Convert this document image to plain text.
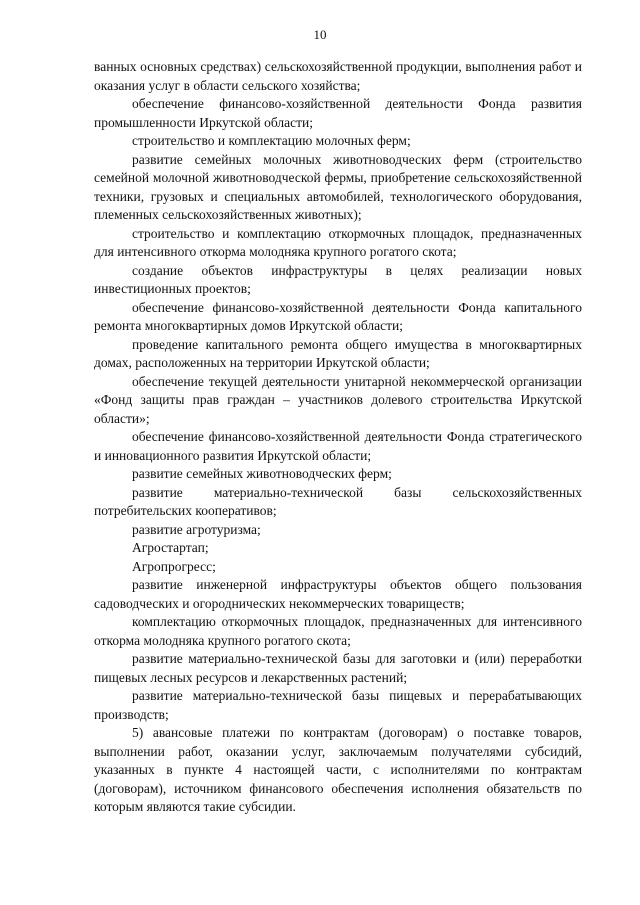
10

ванных основных средствах) сельскохозяйственной продукции, выполнения работ и оказания услуг в области сельского хозяйства;

обеспечение финансово-хозяйственной деятельности Фонда развития промышленности Иркутской области;

строительство и комплектацию молочных ферм;

развитие семейных молочных животноводческих ферм (строительство семейной молочной животноводческой фермы, приобретение сельскохозяйственной техники, грузовых и специальных автомобилей, технологического оборудования, племенных сельскохозяйственных животных);

строительство и комплектацию откормочных площадок, предназначенных для интенсивного откорма молодняка крупного рогатого скота;

создание объектов инфраструктуры в целях реализации новых инвестиционных проектов;

обеспечение финансово-хозяйственной деятельности Фонда капитального ремонта многоквартирных домов Иркутской области;

проведение капитального ремонта общего имущества в многоквартирных домах, расположенных на территории Иркутской области;

обеспечение текущей деятельности унитарной некоммерческой организации «Фонд защиты прав граждан – участников долевого строительства Иркутской области»;

обеспечение финансово-хозяйственной деятельности Фонда стратегического и инновационного развития Иркутской области;

развитие семейных животноводческих ферм;

развитие материально-технической базы сельскохозяйственных потребительских кооперативов;

развитие агротуризма;

Агростартап;

Агропрогресс;

развитие инженерной инфраструктуры объектов общего пользования садоводческих и огороднических некоммерческих товариществ;

комплектацию откормочных площадок, предназначенных для интенсивного откорма молодняка крупного рогатого скота;

развитие материально-технической базы для заготовки и (или) переработки пищевых лесных ресурсов и лекарственных растений;

развитие материально-технической базы пищевых и перерабатывающих производств;

5) авансовые платежи по контрактам (договорам) о поставке товаров, выполнении работ, оказании услуг, заключаемым получателями субсидий, указанных в пункте 4 настоящей части, с исполнителями по контрактам (договорам), источником финансового обеспечения исполнения обязательств по которым являются такие субсидии.
